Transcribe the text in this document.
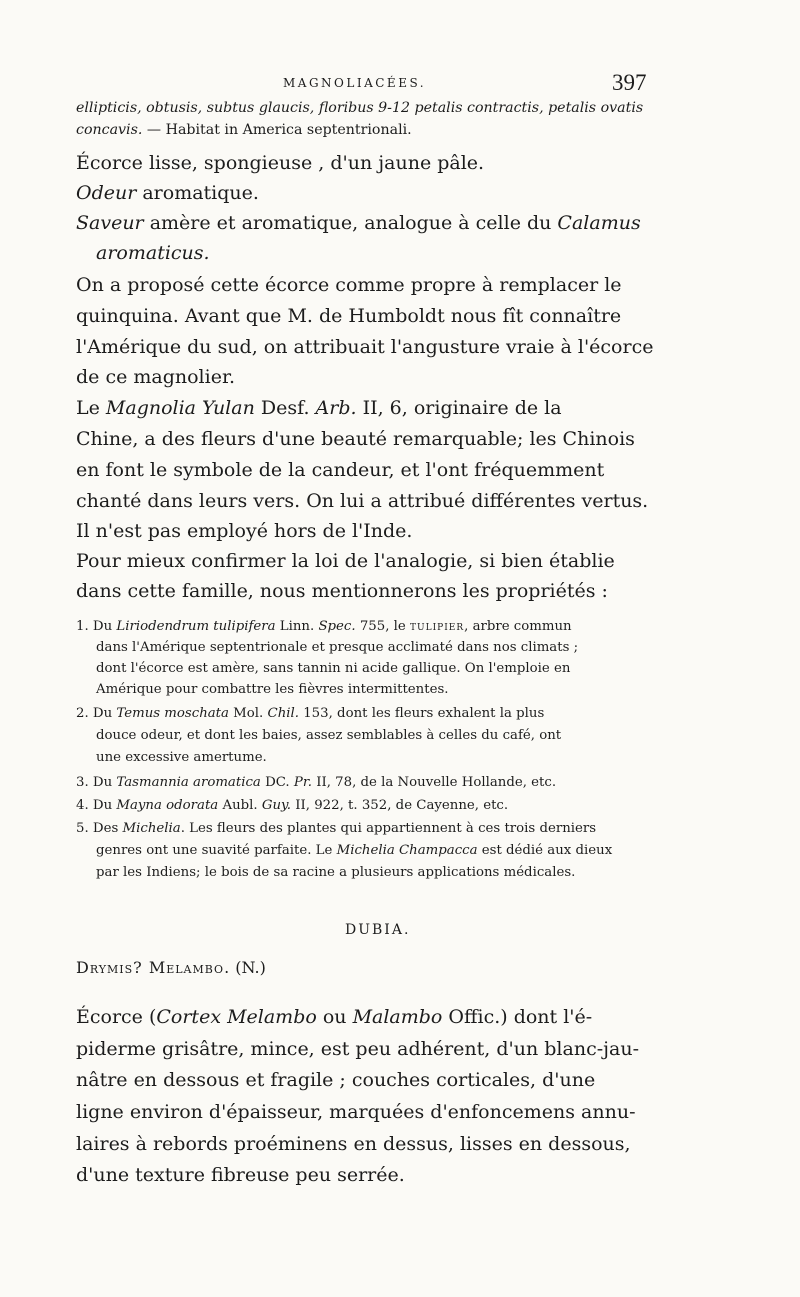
MAGNOLIACÉES.	397
ellipticis, obtusis, subtus glaucis, floribus 9-12 petalis contractis, petalis ovatis
concavis. — Habitat in America septentrionali.
Écorce lisse, spongieuse , d'un jaune pâle.
Odeur aromatique.
Saveur amère et aromatique, analogue à celle du Calamus
aromaticus.
On a proposé cette écorce comme propre à remplacer le
quinquina. Avant que M. de Humboldt nous fît connaître
l'Amérique du sud, on attribuait l'angusture vraie à l'écorce
de ce magnolier.
Le Magnolia Yulan Desf. Arb. II, 6, originaire de la
Chine, a des fleurs d'une beauté remarquable; les Chinois
en font le symbole de la candeur, et l'ont fréquemment
chanté dans leurs vers. On lui a attribué différentes vertus.
Il n'est pas employé hors de l'Inde.
Pour mieux confirmer la loi de l'analogie, si bien établie
dans cette famille, nous mentionnerons les propriétés :
1. Du Liriodendrum tulipifera Linn. Spec. 755, le tulipier, arbre commun
dans l'Amérique septentrionale et presque acclimaté dans nos climats ;
dont l'écorce est amère, sans tannin ni acide gallique. On l'emploie en
Amérique pour combattre les fièvres intermittentes.
2. Du Temus moschata Mol. Chil. 153, dont les fleurs exhalent la plus
douce odeur, et dont les baies, assez semblables à celles du café, ont
une excessive amertume.
3. Du Tasmannia aromatica DC. Pr. II, 78, de la Nouvelle Hollande, etc.
4. Du Mayna odorata Aubl. Guy. II, 922, t. 352, de Cayenne, etc.
5. Des Michelia. Les fleurs des plantes qui appartiennent à ces trois derniers
genres ont une suavité parfaite. Le Michelia Champacca est dédié aux dieux
par les Indiens; le bois de sa racine a plusieurs applications médicales.
DUBIA.
Drymis? Melambo. (N.)
Écorce (Cortex Melambo ou Malambo Offic.) dont l'é-
piderme grisâtre, mince, est peu adhérent, d'un blanc-jau-
nâtre en dessous et fragile ; couches corticales, d'une
ligne environ d'épaisseur, marquées d'enfoncemens annu-
laires à rebords proéminens en dessus, lisses en dessous,
d'une texture fibreuse peu serrée.
